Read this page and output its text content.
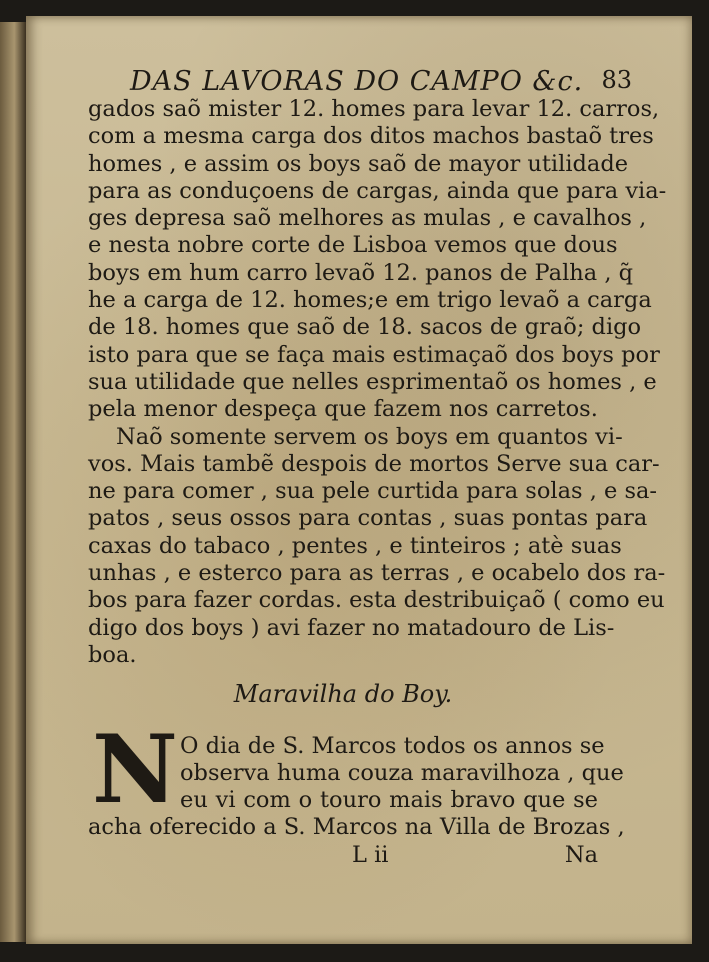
DAS LAVORAS DO CAMPO &c. 83
gados saõ mister 12. homes para levar 12. carros,
com a mesma carga dos ditos machos bastaõ tres
homes , e assim os boys saõ de mayor utilidade
para as conduçoens de cargas, ainda que para via-
ges depresa saõ melhores as mulas , e cavalhos ,
e nesta nobre corte de Lisboa vemos que dous
boys em hum carro levaõ 12. panos de Palha , q̃
he a carga de 12. homes;e em trigo levaõ a carga
de 18. homes que saõ de 18. sacos de graõ; digo
isto para que se faça mais estimaçaõ dos boys por
sua utilidade que nelles esprimentaõ os homes , e
pela menor despeça que fazem nos carretos.
Naõ somente servem os boys em quantos vi-
vos. Mais tambẽ despois de mortos Serve sua car-
ne para comer , sua pele curtida para solas , e sa-
patos , seus ossos para contas , suas pontas para
caxas do tabaco , pentes , e tinteiros ; atè suas
unhas , e esterco para as terras , e ocabelo dos ra-
bos para fazer cordas. esta destribuiçaõ ( como eu
digo dos boys ) avi fazer no matadouro de Lis-
boa.
Maravilha do Boy.
N O dia de S. Marcos todos os annos se
observa huma couza maravilhoza , que
eu vi com o touro mais bravo que se
acha oferecido a S. Marcos na Villa de Brozas ,
L ii	Na
